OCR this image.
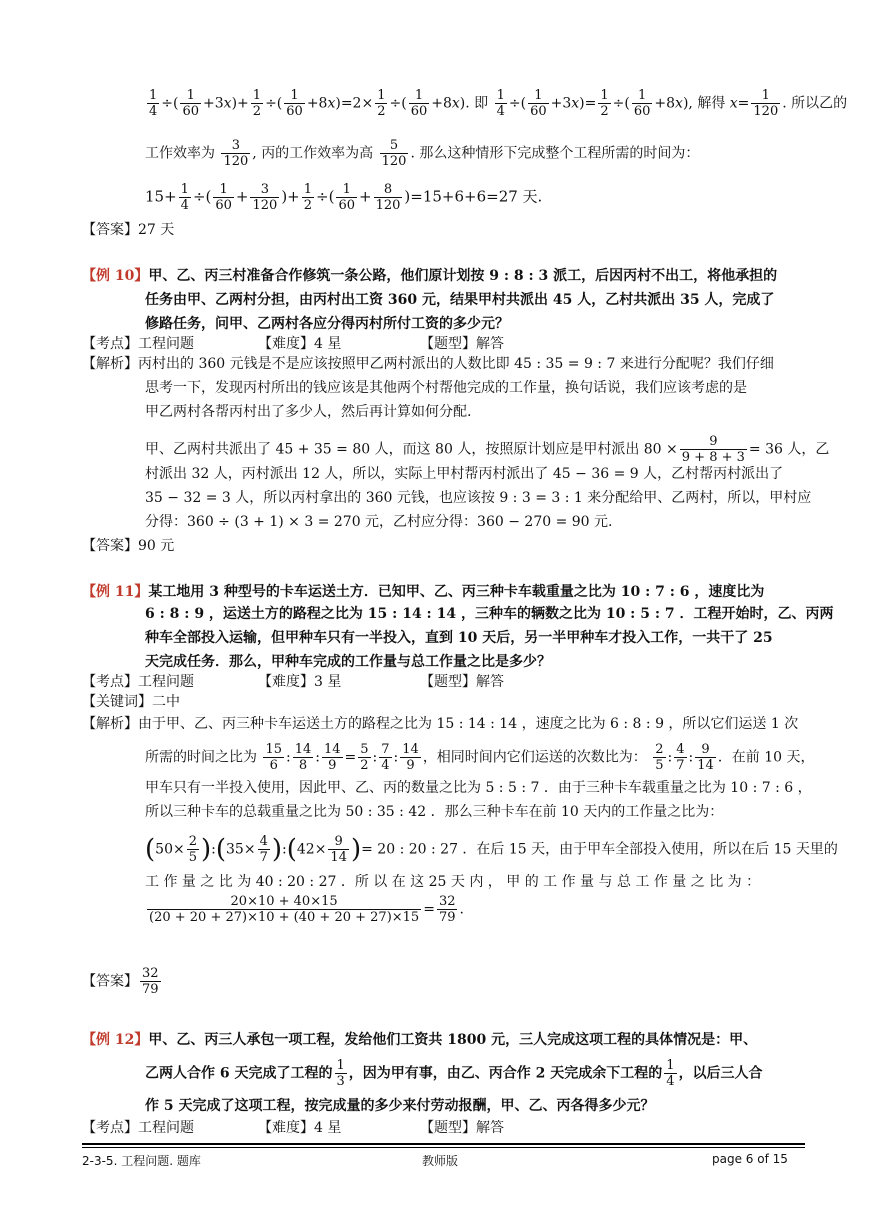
$\frac{1}{4}$ ÷( $\frac{1}{60} +3x)+ \frac{1}{2}$ ÷( $\frac{1}{60} +8x)=2\times \frac{1}{2}$ ÷( $\frac{1}{60} +8x$). 即 $\frac{1}{4}$ ÷( $\frac{1}{60} +3x)= \frac{1}{2}$ ÷( $\frac{1}{60} +8x$), 解得 $x= \frac{1}{120}$ . 所以乙的
工作效率为 $\frac{3}{120}$ , 丙的工作效率为高 $\frac{5}{120}$ . 那么这种情形下完成整个工程所需的时间为：
$15+ \frac{1}{4}$ ÷( $\frac{1}{60} + \frac{3}{120}$ )+ $\frac{1}{2}$ ÷( $\frac{1}{60} + \frac{8}{120} )=15+6+6=27$ 天.
【答案】27 天
【例 10】甲、乙、丙三村准备合作修筑一条公路，他们原计划按 9 : 8 : 3 派工，后因丙村不出工，将他承担的
任务由甲、乙两村分担，由丙村出工资 360 元，结果甲村共派出 45 人，乙村共派出 35 人，完成了
修路任务，问甲、乙两村各应分得丙村所付工资的多少元？
【考点】工程问题	【难度】4 星	【题型】解答
【解析】丙村出的 360 元钱是不是应该按照甲乙两村派出的人数比即 45 : 35 = 9 : 7 来进行分配呢？我们仔细
思考一下，发现丙村所出的钱应该是其他两个村帮他完成的工作量，换句话说，我们应该考虑的是
甲乙两村各帮丙村出了多少人，然后再计算如何分配.
甲、乙两村共派出了 45 + 35 = 80 人，而这 80 人，按照原计划应是甲村派出 $80 \times \frac{9}{9 + 8 + 3} = 36$ 人，乙
村派出 32 人，丙村派出 12 人，所以，实际上甲村帮丙村派出了 45 − 36 = 9 人，乙村帮丙村派出了
35 − 32 = 3 人，所以丙村拿出的 360 元钱，也应该按 9 : 3 = 3 : 1 来分配给甲、乙两村，所以，甲村应
分得：360 ÷ (3 + 1) × 3 = 270 元，乙村应分得：360 − 270 = 90 元.
【答案】90 元
【例 11】某工地用 3 种型号的卡车运送土方．已知甲、乙、丙三种卡车载重量之比为 10 : 7 : 6 ，速度比为
6 : 8 : 9 ，运送土方的路程之比为 15 : 14 : 14 ，三种车的辆数之比为 10 : 5 : 7 ．工程开始时，乙、丙两
种车全部投入运输，但甲种车只有一半投入，直到 10 天后，另一半甲种车才投入工作，一共干了 25
天完成任务．那么，甲种车完成的工作量与总工作量之比是多少？
【考点】工程问题	【难度】3 星	【题型】解答
【关键词】二中
【解析】由于甲、乙、丙三种卡车运送土方的路程之比为 15 : 14 : 14 ，速度之比为 6 : 8 : 9 ，所以它们运送 1 次
所需的时间之比为 $\frac{15}{6}$ : $\frac{14}{8}$ : $\frac{14}{9} = \frac{5}{2}$ : $\frac{7}{4}$ : $\frac{14}{9}$ ，相同时间内它们运送的次数比为： $\frac{2}{5}$ : $\frac{4}{7}$ : $\frac{9}{14}$ ．在前 10 天，
甲车只有一半投入使用，因此甲、乙、丙的数量之比为 5 : 5 : 7 ．由于三种卡车载重量之比为 10 : 7 : 6 ，
所以三种卡车的总载重量之比为 50 : 35 : 42 ．那么三种卡车在前 10 天内的工作量之比为：
($50\times \frac{2}{5}$ ):(35× $\frac{4}{7}$ ):(42× $\frac{9}{14}$ )= 20 : 20 : 27 ．在后 15 天，由于甲车全部投入使用，所以在后 15 天里的
工 作 量 之 比 为 40 : 20 : 27 ．所 以 在 这 25 天 内 ， 甲 的 工 作 量 与 总 工 作 量 之 比 为 ：
$\frac{20\times 10 + 40\times 15}{(20 + 20 + 27)\times 10 + (40 + 20 + 27)\times 15} = \frac{32}{79}$ .
【答案】 $\frac{32}{79}$
【例 12】甲、乙、丙三人承包一项工程，发给他们工资共 1800 元，三人完成这项工程的具体情况是：甲、
乙两人合作 6 天完成了工程的 $\frac{1}{3}$ ，因为甲有事，由乙、丙合作 2 天完成余下工程的 $\frac{1}{4}$ ，以后三人合
作 5 天完成了这项工程，按完成量的多少来付劳动报酬，甲、乙、丙各得多少元？
【考点】工程问题	【难度】4 星	【题型】解答
2-3-5. 工程问题. 题库	教师版	page 6 of 15
